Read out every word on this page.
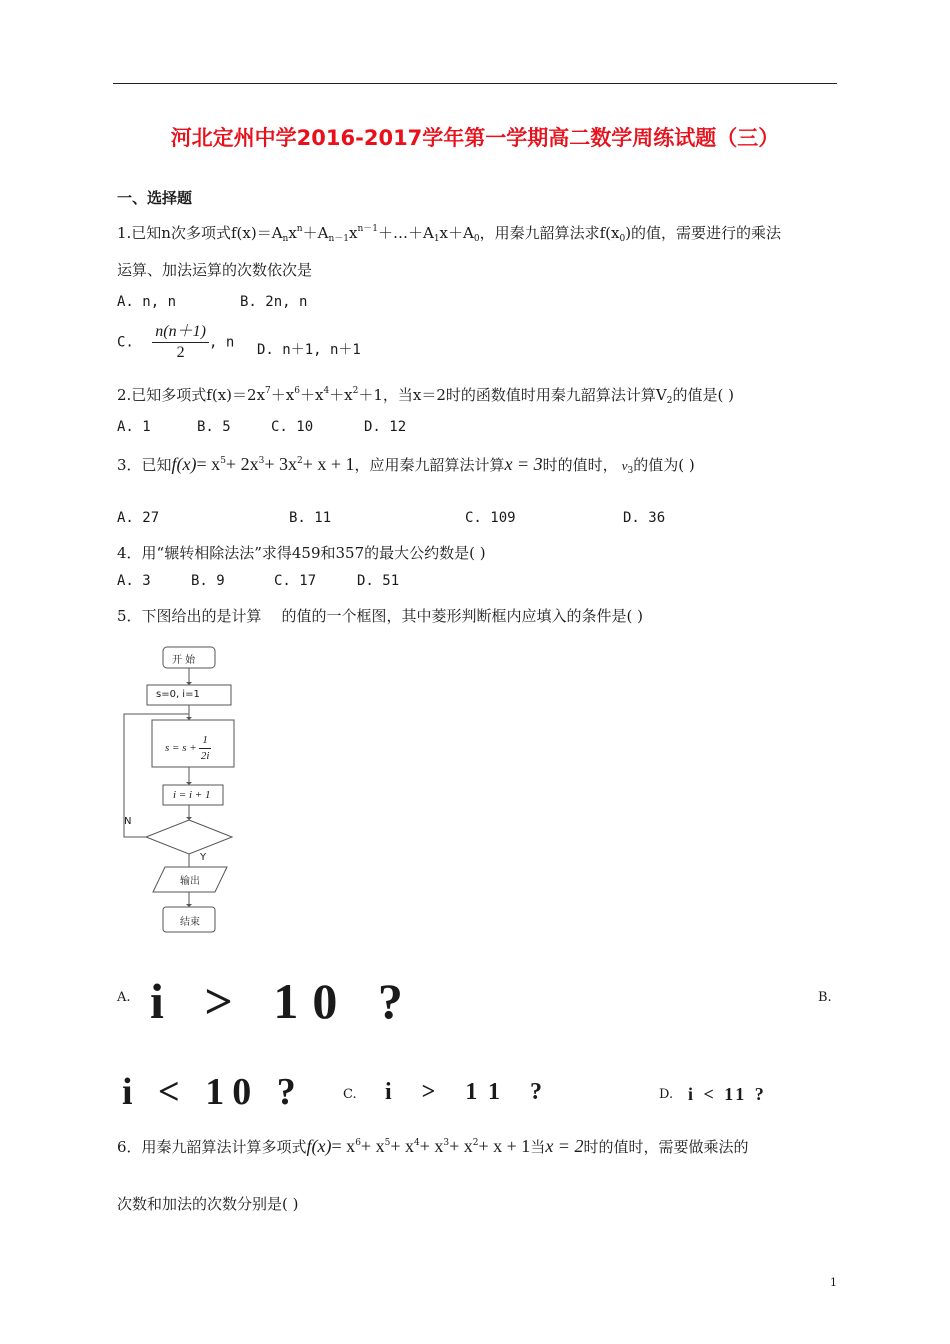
河北定州中学2016-2017学年第一学期高二数学周练试题（三）
一、选择题
1.已知n次多项式$f(x)=A_nx^n+A_{n-1}x^{n-1}+\dots+A_1x+A_0$，用秦九韶算法求$f(x_0)$的值，需要进行的乘法
运算、加法运算的次数依次是
A. n, n	B. 2n, n
C. $\frac{n(n+1)}{2}$ , n D. n＋1, n＋1
2.已知多项式$f(x)=2x^7+x^6+x^4+x^2+1$，当x＝2时的函数值时用秦九韶算法计算$V_2$的值是( )
A. 1	B. 5	C. 10	D. 12
3．已知$f(x)= x^5+ 2x^3+ 3x^2+ x + 1$，应用秦九韶算法计算x = 3时的值时， $v_3$的值为( )
A. 27	B. 11	C. 109	D. 36
4．用“辗转相除法法”求得459和357的最大公约数是( )
A. 3	B. 9	C. 17	D. 51
5．下图给出的是计算 的值的一个框图，其中菱形判断框内应填入的条件是( )
开 始
s=0, i=1
$s = s + \frac{1}{2i}$
i = i + 1
N
Y
输出
结束
A. i > 10 ?	B.
i < 10 ?	C. i > 11 ?	D. i < 11 ?
6．用秦九韶算法计算多项式$f(x)= x^6+ x^5+ x^4+ x^3+ x^2+ x + 1$当x = 2时的值时，需要做乘法的
次数和加法的次数分别是( )
1
